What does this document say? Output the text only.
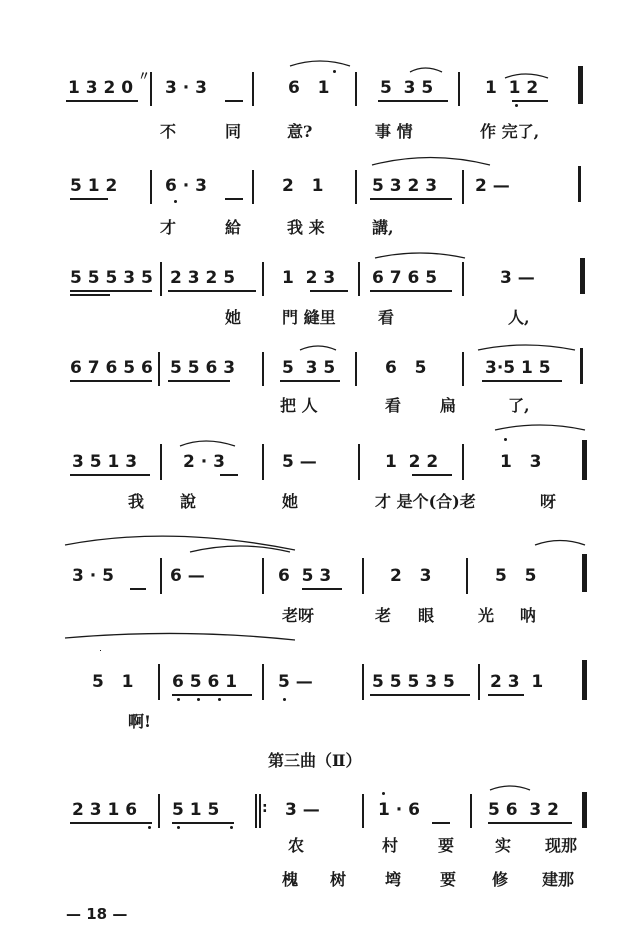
1 3 2 0
〃
3 · 3	6   1	5  3 5	1  1 2
不	同	意?	事 情	作 完了,
5 1 2	6 · 3	2   1	5 3 2 3 2 —
才	給	我 来	講,
5 5 5 3 5 2 3 2 5	1  2 3 6 7 6 5	3 —
她	門 縫里	看	人,
6 7 6 5 6 5 5 6 3	5  3 5	6   5	3·5 1 5
把 人	看 扁	了,
3 5 1 3	2 · 3	5 —	1  2 2	1   3
我 說	她	才 是个(合)老	呀
3 · 5	6 —	6  5 3	2   3	5   5
老呀	老 眼	光 呐
5   1 6 5 6 1 5 —	5 5 5 3 5 2 3  1
啊!
第三曲（Ⅱ）
2 3 1 6 5 1 5	: 3 —	1 · 6	5 6  3 2
农	村 要	实 现那
槐 树 塆 要 修 建那
— 18 —
